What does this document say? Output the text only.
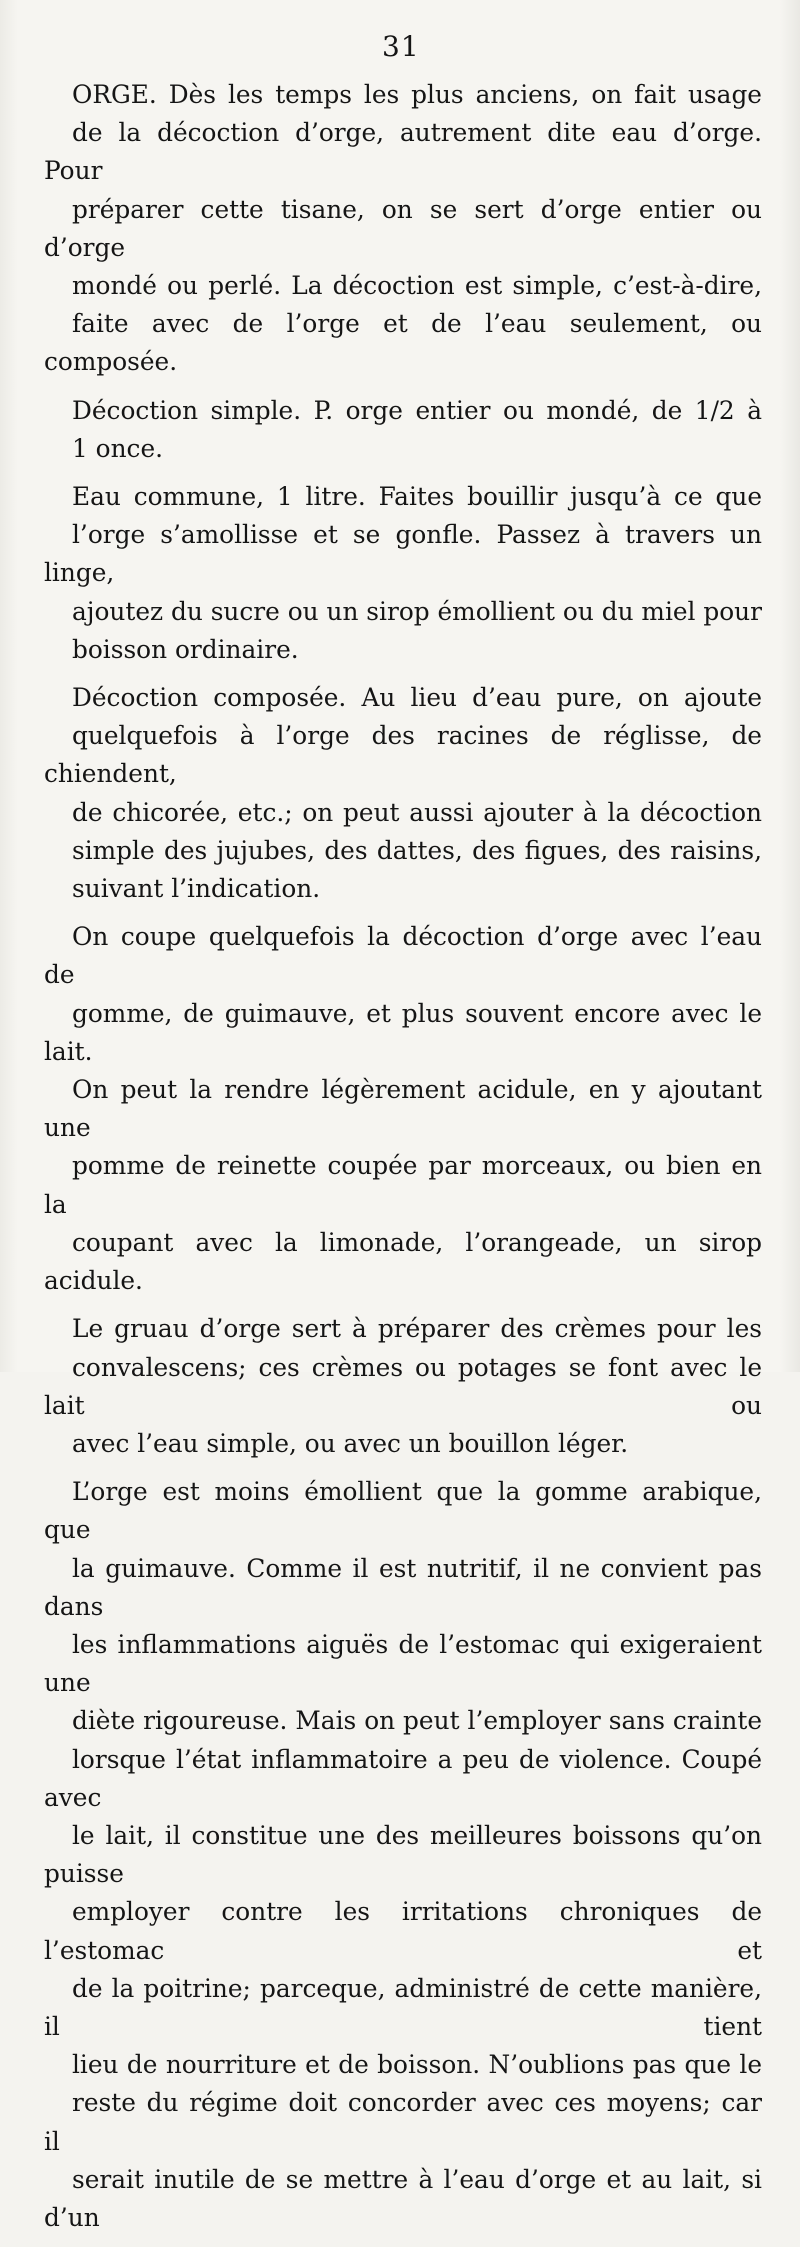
31

ORGE. Dès les temps les plus anciens, on fait usage
de la décoction d’orge, autrement dite eau d’orge. Pour
préparer cette tisane, on se sert d’orge entier ou d’orge
mondé ou perlé. La décoction est simple, c’est-à-dire,
faite avec de l’orge et de l’eau seulement, ou composée.

Décoction simple. P. orge entier ou mondé, de 1/2 à
1 once.

Eau commune, 1 litre. Faites bouillir jusqu’à ce que
l’orge s’amollisse et se gonfle. Passez à travers un linge,
ajoutez du sucre ou un sirop émollient ou du miel pour
boisson ordinaire.

Décoction composée. Au lieu d’eau pure, on ajoute
quelquefois à l’orge des racines de réglisse, de chiendent,
de chicorée, etc.; on peut aussi ajouter à la décoction
simple des jujubes, des dattes, des figues, des raisins,
suivant l’indication.

On coupe quelquefois la décoction d’orge avec l’eau de
gomme, de guimauve, et plus souvent encore avec le lait.
On peut la rendre légèrement acidule, en y ajoutant une
pomme de reinette coupée par morceaux, ou bien en la
coupant avec la limonade, l’orangeade, un sirop acidule.

Le gruau d’orge sert à préparer des crèmes pour les
convalescens; ces crèmes ou potages se font avec le lait ou
avec l’eau simple, ou avec un bouillon léger.

L’orge est moins émollient que la gomme arabique, que
la guimauve. Comme il est nutritif, il ne convient pas dans
les inflammations aiguës de l’estomac qui exigeraient une
diète rigoureuse. Mais on peut l’employer sans crainte
lorsque l’état inflammatoire a peu de violence. Coupé avec
le lait, il constitue une des meilleures boissons qu’on puisse
employer contre les irritations chroniques de l’estomac et
de la poitrine; parceque, administré de cette manière, il tient
lieu de nourriture et de boisson. N’oublions pas que le
reste du régime doit concorder avec ces moyens; car il
serait inutile de se mettre à l’eau d’orge et au lait, si d’un
